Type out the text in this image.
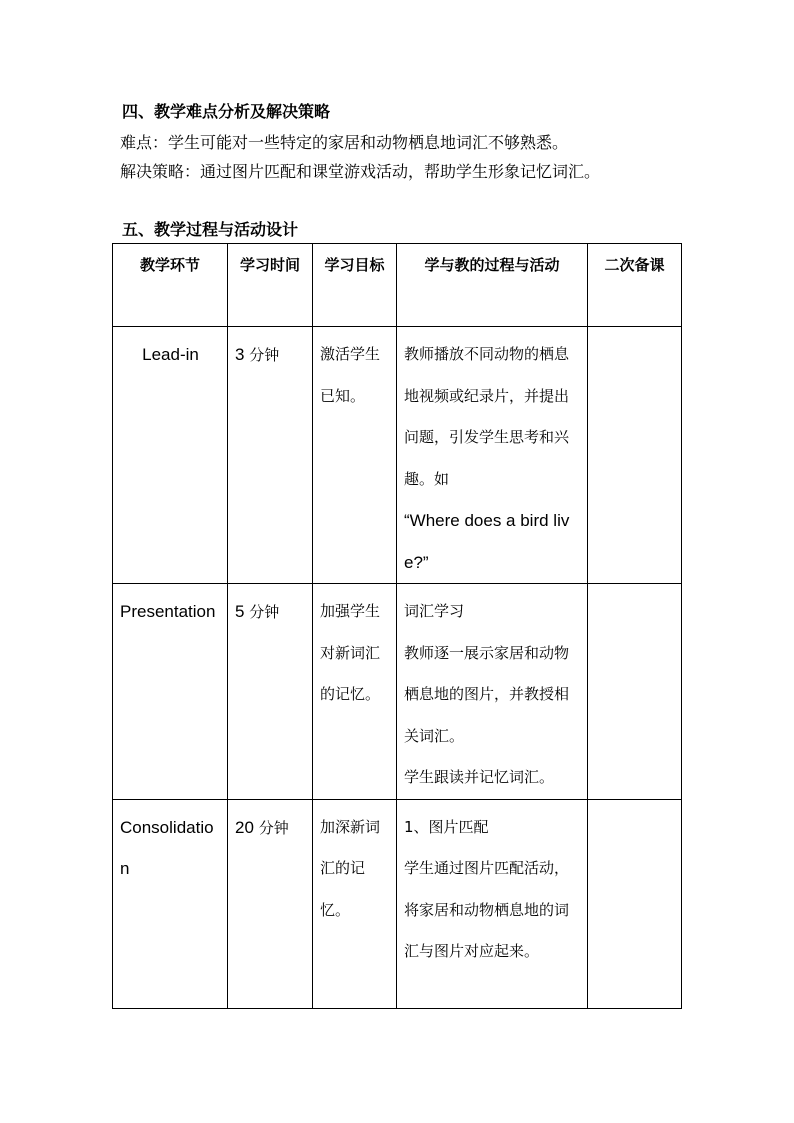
四、教学难点分析及解决策略
难点：学生可能对一些特定的家居和动物栖息地词汇不够熟悉。
解决策略：通过图片匹配和课堂游戏活动，帮助学生形象记忆词汇。
五、教学过程与活动设计
教学环节	学习时间	学习目标	学与教的过程与活动	二次备课

Lead-in	3 分钟	激活学生已知。	教师播放不同动物的栖息地视频或纪录片，并提出问题，引发学生思考和兴趣。如
“Where does a bird live?”	

Presentation	5 分钟	加强学生对新词汇的记忆。	词汇学习
教师逐一展示家居和动物栖息地的图片，并教授相关词汇。
学生跟读并记忆词汇。	

Consolidation	20 分钟	加深新词汇的记忆。	1、图片匹配
学生通过图片匹配活动，将家居和动物栖息地的词汇与图片对应起来。	
